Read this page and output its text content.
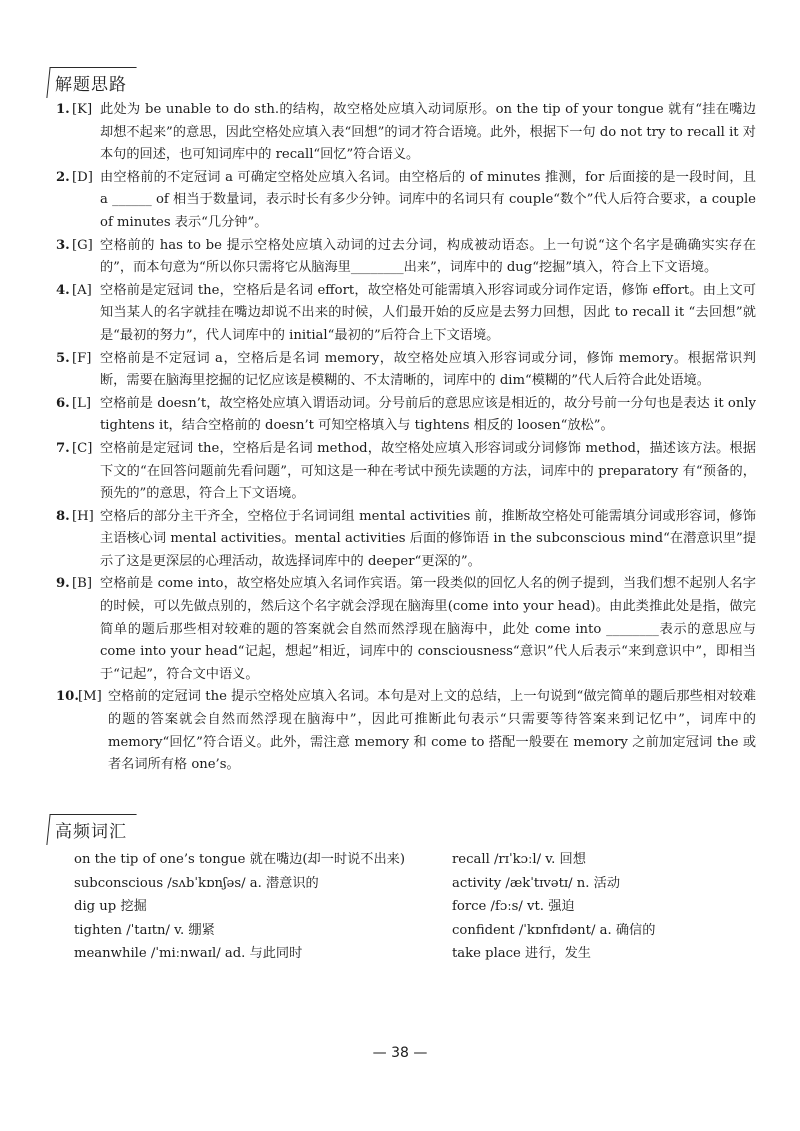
解题思路
1. [K] 此处为 be unable to do sth.的结构，故空格处应填入动词原形。on the tip of your tongue 就有“挂在嘴边却想不起来”的意思，因此空格处应填入表“回想”的词才符合语境。此外，根据下一句 do not try to recall it 对本句的回述，也可知词库中的 recall“回忆”符合语义。
2. [D] 由空格前的不定冠词 a 可确定空格处应填入名词。由空格后的 of minutes 推测，for 后面接的是一段时间，且 a ______ of 相当于数量词，表示时长有多少分钟。词库中的名词只有 couple“数个”代人后符合要求，a couple of minutes 表示“几分钟”。
3. [G] 空格前的 has to be 提示空格处应填入动词的过去分词，构成被动语态。上一句说“这个名字是确确实实存在的”，而本句意为“所以你只需将它从脑海里________出来”，词库中的 dug“挖掘”填入，符合上下文语境。
4. [A] 空格前是定冠词 the，空格后是名词 effort，故空格处可能需填入形容词或分词作定语，修饰 effort。由上文可知当某人的名字就挂在嘴边却说不出来的时候，人们最开始的反应是去努力回想，因此 to recall it “去回想”就是“最初的努力”，代人词库中的 initial“最初的”后符合上下文语境。
5. [F] 空格前是不定冠词 a，空格后是名词 memory，故空格处应填入形容词或分词，修饰 memory。根据常识判断，需要在脑海里挖掘的记忆应该是模糊的、不太清晰的，词库中的 dim“模糊的”代人后符合此处语境。
6. [L] 空格前是 doesn’t，故空格处应填入谓语动词。分号前后的意思应该是相近的，故分号前一分句也是表达 it only tightens it，结合空格前的 doesn’t 可知空格填入与 tightens 相反的 loosen“放松”。
7. [C] 空格前是定冠词 the，空格后是名词 method，故空格处应填入形容词或分词修饰 method，描述该方法。根据下文的“在回答问题前先看问题”，可知这是一种在考试中预先读题的方法，词库中的 preparatory 有“预备的，预先的”的意思，符合上下文语境。
8. [H] 空格后的部分主干齐全，空格位于名词词组 mental activities 前，推断故空格处可能需填分词或形容词，修饰主语核心词 mental activities。mental activities 后面的修饰语 in the subconscious mind“在潜意识里”提示了这是更深层的心理活动，故选择词库中的 deeper“更深的”。
9. [B] 空格前是 come into，故空格处应填入名词作宾语。第一段类似的回忆人名的例子提到，当我们想不起别人名字的时候，可以先做点别的，然后这个名字就会浮现在脑海里(come into your head)。由此类推此处是指，做完简单的题后那些相对较难的题的答案就会自然而然浮现在脑海中，此处 come into ________表示的意思应与 come into your head“记起，想起”相近，词库中的 consciousness“意识”代人后表示“来到意识中”，即相当于“记起”，符合文中语义。
10. [M] 空格前的定冠词 the 提示空格处应填入名词。本句是对上文的总结，上一句说到“做完简单的题后那些相对较难的题的答案就会自然而然浮现在脑海中”，因此可推断此句表示“只需要等待答案来到记忆中”，词库中的 memory“回忆”符合语义。此外，需注意 memory 和 come to 搭配一般要在 memory 之前加定冠词 the 或者名词所有格 one’s。
高频词汇
on the tip of one’s tongue 就在嘴边(却一时说不出来)	recall /rɪˈkɔːl/ v. 回想
subconscious /sʌbˈkɒnʃəs/ a. 潜意识的	activity /ækˈtɪvətɪ/ n. 活动
dig up 挖掘	force /fɔːs/ vt. 强迫
tighten /ˈtaɪtn/ v. 绷紧	confident /ˈkɒnfɪdənt/ a. 确信的
meanwhile /ˈmiːnwaɪl/ ad. 与此同时	take place 进行，发生
— 38 —
